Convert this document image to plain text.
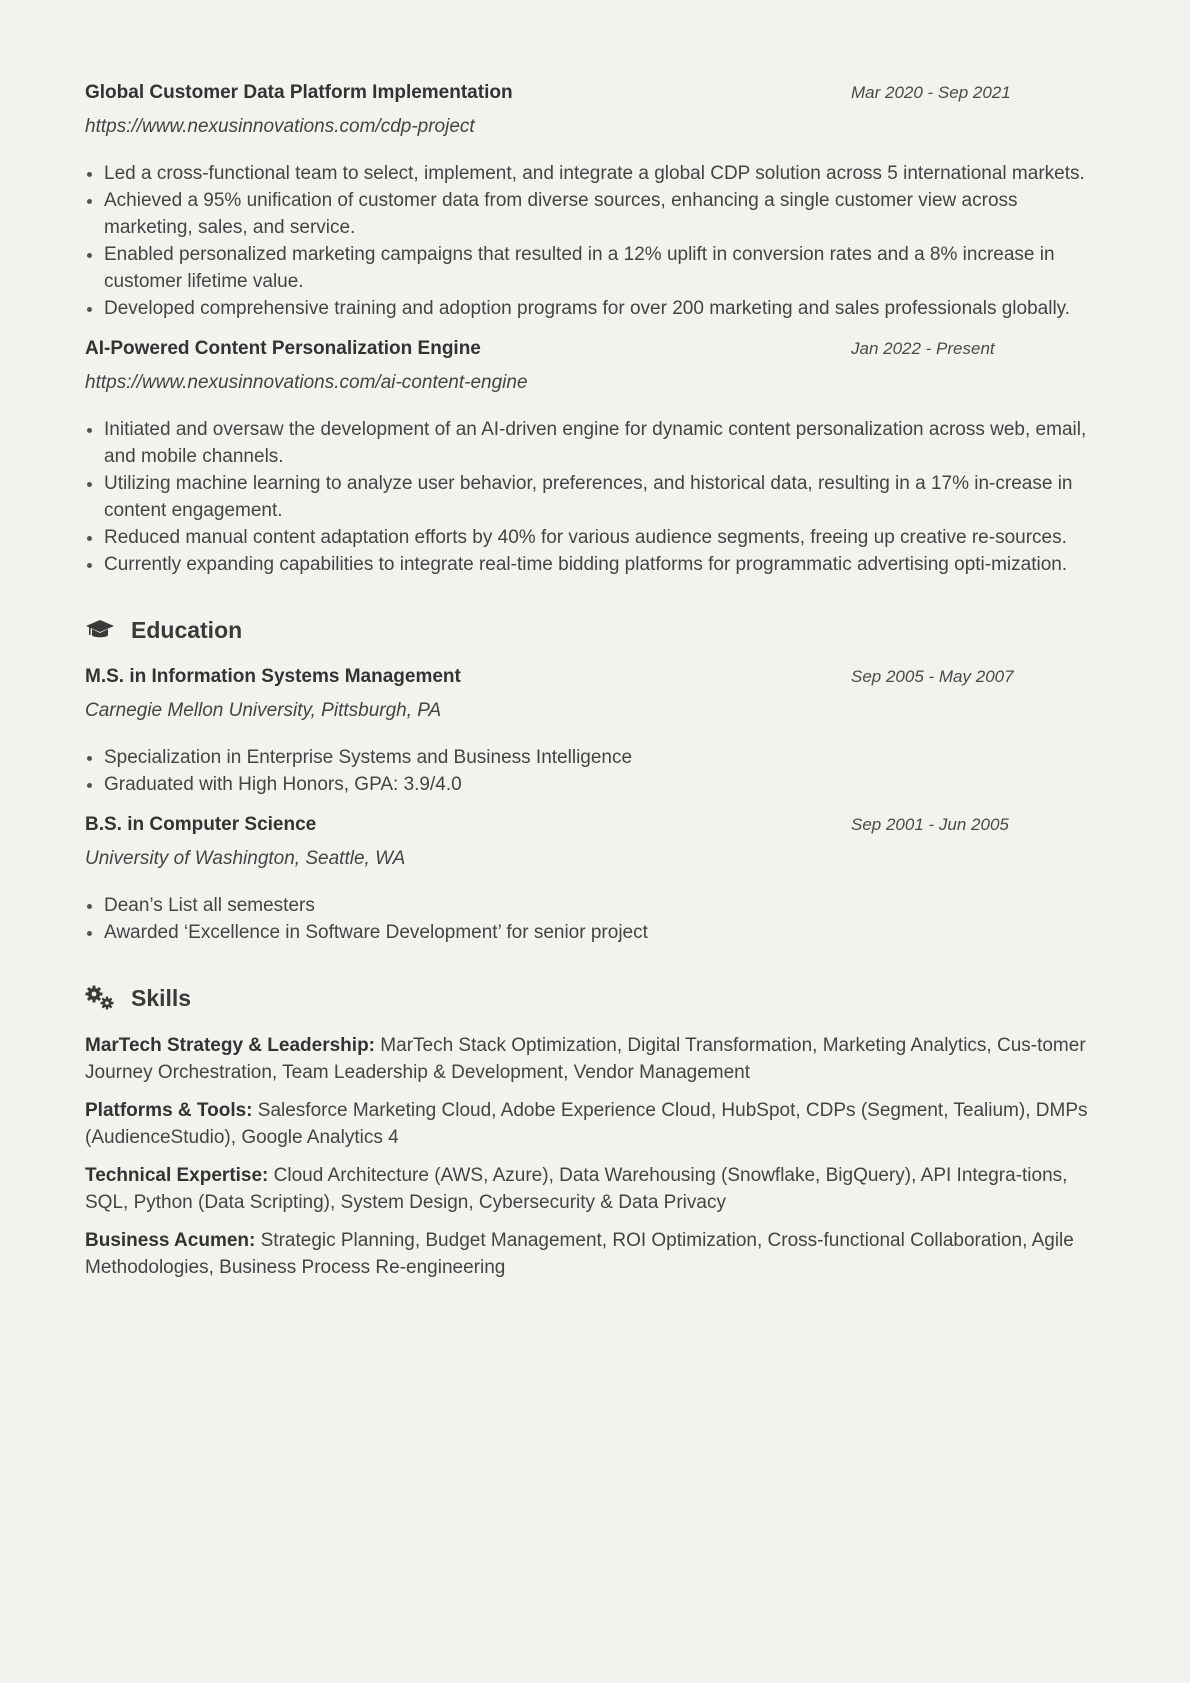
Global Customer Data Platform Implementation	Mar 2020 - Sep 2021
https://www.nexusinnovations.com/cdp-project
Led a cross-functional team to select, implement, and integrate a global CDP solution across 5 international markets.
Achieved a 95% unification of customer data from diverse sources, enhancing a single customer view across marketing, sales, and service.
Enabled personalized marketing campaigns that resulted in a 12% uplift in conversion rates and a 8% increase in customer lifetime value.
Developed comprehensive training and adoption programs for over 200 marketing and sales professionals globally.
AI-Powered Content Personalization Engine	Jan 2022 - Present
https://www.nexusinnovations.com/ai-content-engine
Initiated and oversaw the development of an AI-driven engine for dynamic content personalization across web, email, and mobile channels.
Utilizing machine learning to analyze user behavior, preferences, and historical data, resulting in a 17% in-crease in content engagement.
Reduced manual content adaptation efforts by 40% for various audience segments, freeing up creative re-sources.
Currently expanding capabilities to integrate real-time bidding platforms for programmatic advertising opti-mization.
Education
M.S. in Information Systems Management	Sep 2005 - May 2007
Carnegie Mellon University, Pittsburgh, PA
Specialization in Enterprise Systems and Business Intelligence
Graduated with High Honors, GPA: 3.9/4.0
B.S. in Computer Science	Sep 2001 - Jun 2005
University of Washington, Seattle, WA
Dean’s List all semesters
Awarded ‘Excellence in Software Development’ for senior project
Skills
MarTech Strategy & Leadership: MarTech Stack Optimization, Digital Transformation, Marketing Analytics, Cus-tomer Journey Orchestration, Team Leadership & Development, Vendor Management
Platforms & Tools: Salesforce Marketing Cloud, Adobe Experience Cloud, HubSpot, CDPs (Segment, Tealium), DMPs (AudienceStudio), Google Analytics 4
Technical Expertise: Cloud Architecture (AWS, Azure), Data Warehousing (Snowflake, BigQuery), API Integra-tions, SQL, Python (Data Scripting), System Design, Cybersecurity & Data Privacy
Business Acumen: Strategic Planning, Budget Management, ROI Optimization, Cross-functional Collaboration, Agile Methodologies, Business Process Re-engineering
